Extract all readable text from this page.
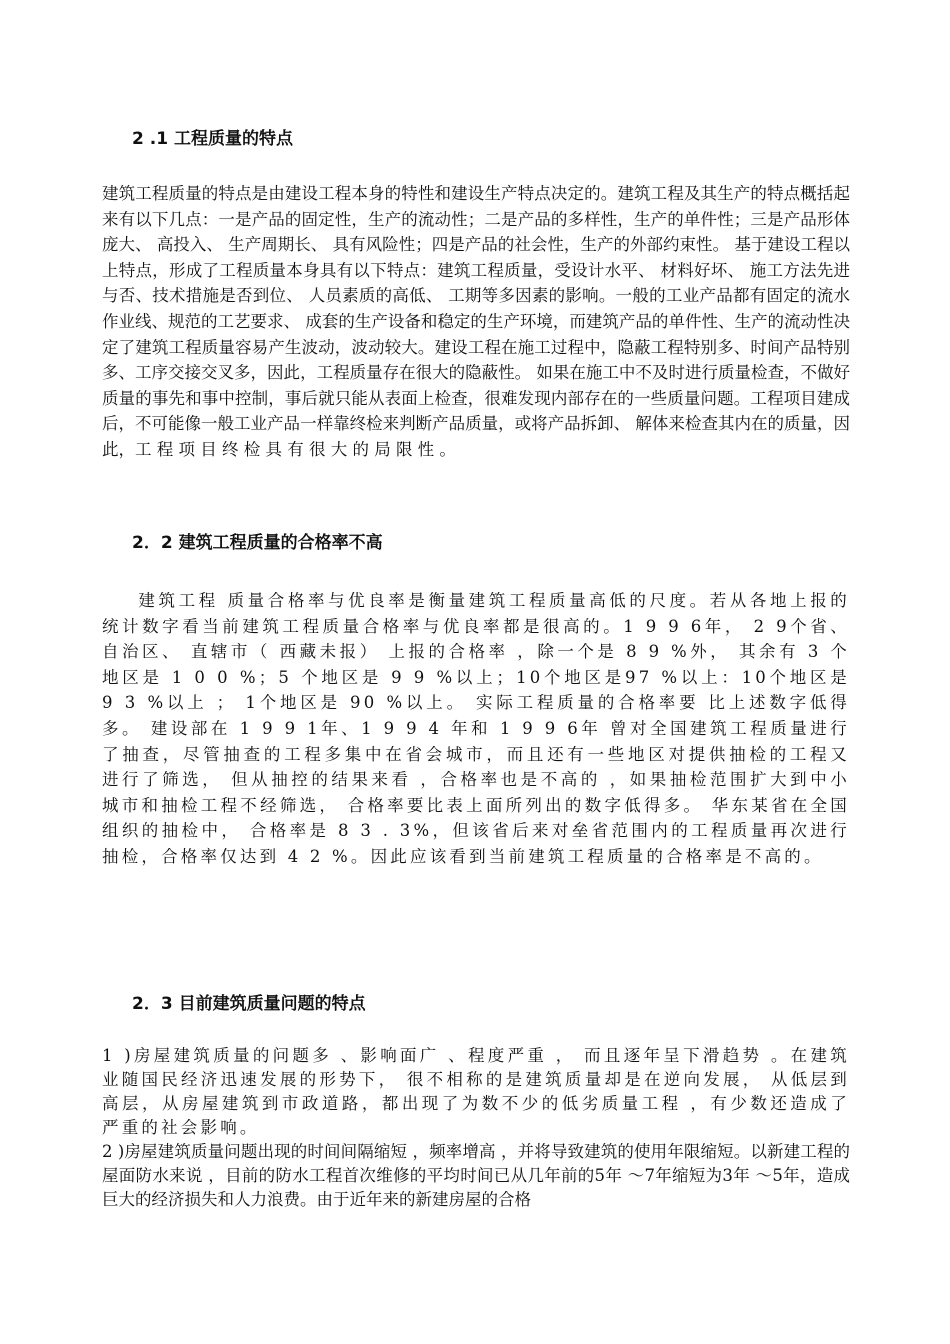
2 .1 工程质量的特点

建筑工程质量的特点是由建设工程本身的特性和建设生产特点决定的。建筑工程及其生产的特点概括起来有以下几点：一是产品的固定性，生产的流动性；二是产品的多样性，生产的单件性；三是产品形体庞大、 高投入、 生产周期长、 具有风险性；四是产品的社会性，生产的外部约束性。 基于建设工程以上特点，形成了工程质量本身具有以下特点：建筑工程质量，受设计水平、 材料好坏、 施工方法先进与否、技术措施是否到位、 人员素质的高低、 工期等多因素的影响。一般的工业产品都有固定的流水作业线、规范的工艺要求、 成套的生产设备和稳定的生产环境，而建筑产品的单件性、生产的流动性决定了建筑工程质量容易产生波动，波动较大。建设工程在施工过程中，隐蔽工程特别多、时间产品特别多、工序交接交叉多，因此，工程质量存在很大的隐蔽性。 如果在施工中不及时进行质量检查，不做好质量的事先和事中控制，事后就只能从表面上检查，很难发现内部存在的一些质量问题。工程项目建成后，不可能像一般工业产品一样靠终检来判断产品质量，或将产品拆卸、 解体来检查其内在的质量，因此，工 程 项 目 终 检 具 有 很 大 的 局 限 性 。

2．2 建筑工程质量的合格率不高

建筑工程 质量合格率与优良率是衡量建筑工程质量高低的尺度。若从各地上报的统计数字看当前建筑工程质量合格率与优良率都是很高的。1 9 9 6年， 2 9个省、 自治区、 直辖市（ 西藏未报） 上报的合格率 ，除一个是 8 9 %外， 其余有 3 个地区是 1 0 0 %；5 个地区是 9 9 %以上；10个地区是97 %以上：10个地区是 9 3 %以上 ； 1个地区是 90 %以上。 实际工程质量的合格率要 比上述数字低得多。 建设部在 1 9 9 1年、1 9 9 4 年和 1 9 9 6年 曾对全国建筑工程质量进行了抽查，尽管抽查的工程多集中在省会城市，而且还有一些地区对提供抽检的工程又进行了筛选， 但从抽控的结果来看 ，合格率也是不高的 ，如果抽检范围扩大到中小城市和抽检工程不经筛选， 合格率要比表上面所列出的数字低得多。 华东某省在全国组织的抽检中， 合格率是 8 3 . 3%，但该省后来对垒省范围内的工程质量再次进行抽检，合格率仅达到 4 2 %。因此应该看到当前建筑工程质量的合格率是不高的。

2．3 目前建筑质量问题的特点

1 )房屋建筑质量的问题多 、影响面广 、程度严重 ， 而且逐年呈下滑趋势 。在建筑业随国民经济迅速发展的形势下， 很不相称的是建筑质量却是在逆向发展， 从低层到高层，从房屋建筑到市政道路，都出现了为数不少的低劣质量工程 ，有少数还造成了严重的社会影响。

2 )房屋建筑质量问题出现的时间间隔缩短 ，频率增高 ，并将导致建筑的使用年限缩短。以新建工程的屋面防水来说 ，目前的防水工程首次维修的平均时间已从几年前的5年 ～7年缩短为3年 ～5年，造成巨大的经济损失和人力浪费。由于近年来的新建房屋的合格
